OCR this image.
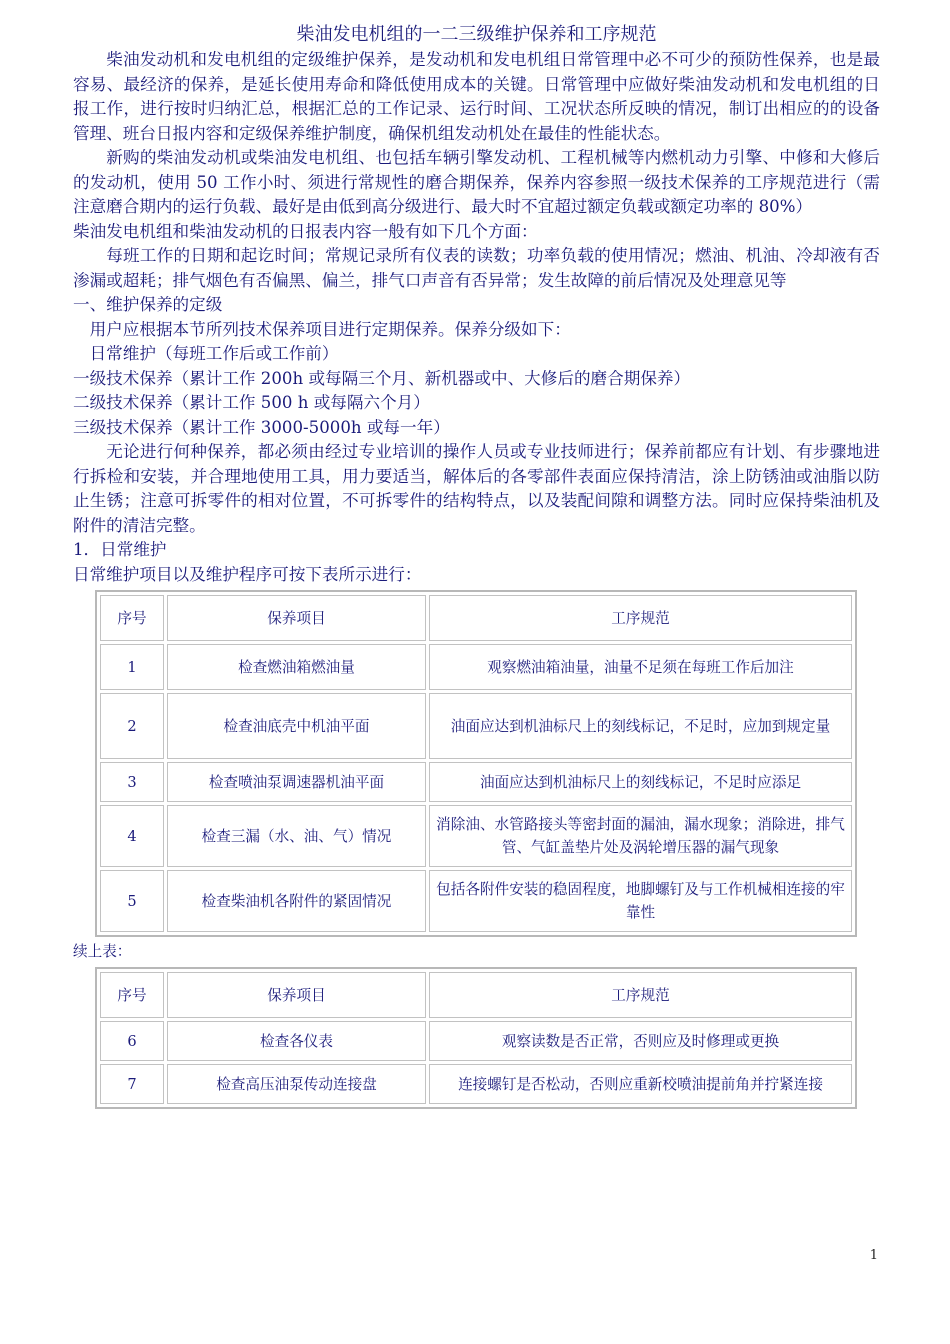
柴油发电机组的一二三级维护保养和工序规范

柴油发动机和发电机组的定级维护保养，是发动机和发电机组日常管理中必不可少的预防性保养，也是最容易、最经济的保养，是延长使用寿命和降低使用成本的关键。日常管理中应做好柴油发动机和发电机组的日报工作，进行按时归纳汇总，根据汇总的工作记录、运行时间、工况状态所反映的情况，制订出相应的的设备管理、班台日报内容和定级保养维护制度，确保机组发动机处在最佳的性能状态。

新购的柴油发动机或柴油发电机组、也包括车辆引擎发动机、工程机械等内燃机动力引擎、中修和大修后的发动机，使用 50 工作小时、须进行常规性的磨合期保养，保养内容参照一级技术保养的工序规范进行（需注意磨合期内的运行负载、最好是由低到高分级进行、最大时不宜超过额定负载或额定功率的 80%）

柴油发电机组和柴油发动机的日报表内容一般有如下几个方面：

每班工作的日期和起讫时间；常规记录所有仪表的读数；功率负载的使用情况；燃油、机油、冷却液有否渗漏或超耗；排气烟色有否偏黑、偏兰，排气口声音有否异常；发生故障的前后情况及处理意见等

一、维护保养的定级

用户应根据本节所列技术保养项目进行定期保养。保养分级如下：

日常维护（每班工作后或工作前）

一级技术保养（累计工作 200h 或每隔三个月、新机器或中、大修后的磨合期保养）

二级技术保养（累计工作 500 h 或每隔六个月）

三级技术保养（累计工作 3000-5000h 或每一年）

无论进行何种保养，都必须由经过专业培训的操作人员或专业技师进行；保养前都应有计划、有步骤地进行拆检和安装，并合理地使用工具，用力要适当，解体后的各零部件表面应保持清洁，涂上防锈油或油脂以防止生锈；注意可拆零件的相对位置，不可拆零件的结构特点，以及装配间隙和调整方法。同时应保持柴油机及附件的清洁完整。

1．日常维护

日常维护项目以及维护程序可按下表所示进行：

序号	保养项目	工序规范
1	检查燃油箱燃油量	观察燃油箱油量，油量不足须在每班工作后加注
2	检查油底壳中机油平面	油面应达到机油标尺上的刻线标记，不足时，应加到规定量
3	检查喷油泵调速器机油平面	油面应达到机油标尺上的刻线标记，不足时应添足
4	检查三漏（水、油、气）情况	消除油、水管路接头等密封面的漏油，漏水现象；消除进，排气管、气缸盖垫片处及涡轮增压器的漏气现象
5	检查柴油机各附件的紧固情况	包括各附件安装的稳固程度，地脚螺钉及与工作机械相连接的牢靠性
续上表：
序号	保养项目	工序规范
6	检查各仪表	观察读数是否正常，否则应及时修理或更换
7	检查高压油泵传动连接盘	连接螺钉是否松动，否则应重新校喷油提前角并拧紧连接
1
